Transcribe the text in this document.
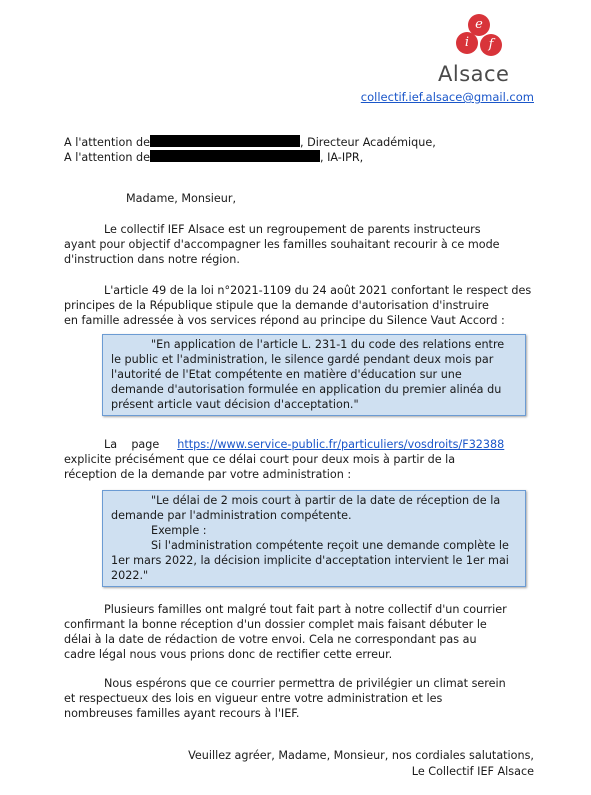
i
e
f
Alsace
collectif.ief.alsace@gmail.com
A l'attention de	, Directeur Académique,
A l'attention de	, IA-IPR,
Madame, Monsieur,
Le collectif IEF Alsace est un regroupement de parents instructeurs
ayant pour objectif d'accompagner les familles souhaitant recourir à ce mode
d'instruction dans notre région.
L'article 49 de la loi n°2021-1109 du 24 août 2021 confortant le respect des
principes de la République stipule que la demande d'autorisation d'instruire
en famille adressée à vos services répond au principe du Silence Vaut Accord :
"En application de l'article L. 231-1 du code des relations entre
le public et l'administration, le silence gardé pendant deux mois par
l'autorité de l'Etat compétente en matière d'éducation sur une
demande d'autorisation formulée en application du premier alinéa du
présent article vaut décision d'acceptation."
La    page https://www.service-public.fr/particuliers/vosdroits/F32388
explicite précisément que ce délai court pour deux mois à partir de la
réception de la demande par votre administration :
"Le délai de 2 mois court à partir de la date de réception de la
demande par l'administration compétente.
Exemple :
Si l'administration compétente reçoit une demande complète le
1er mars 2022, la décision implicite d'acceptation intervient le 1er mai
2022."
Plusieurs familles ont malgré tout fait part à notre collectif d'un courrier
confirmant la bonne réception d'un dossier complet mais faisant débuter le
délai à la date de rédaction de votre envoi. Cela ne correspondant pas au
cadre légal nous vous prions donc de rectifier cette erreur.
Nous espérons que ce courrier permettra de privilégier un climat serein
et respectueux des lois en vigueur entre votre administration et les
nombreuses familles ayant recours à l'IEF.
Veuillez agréer, Madame, Monsieur, nos cordiales salutations,
Le Collectif IEF Alsace
